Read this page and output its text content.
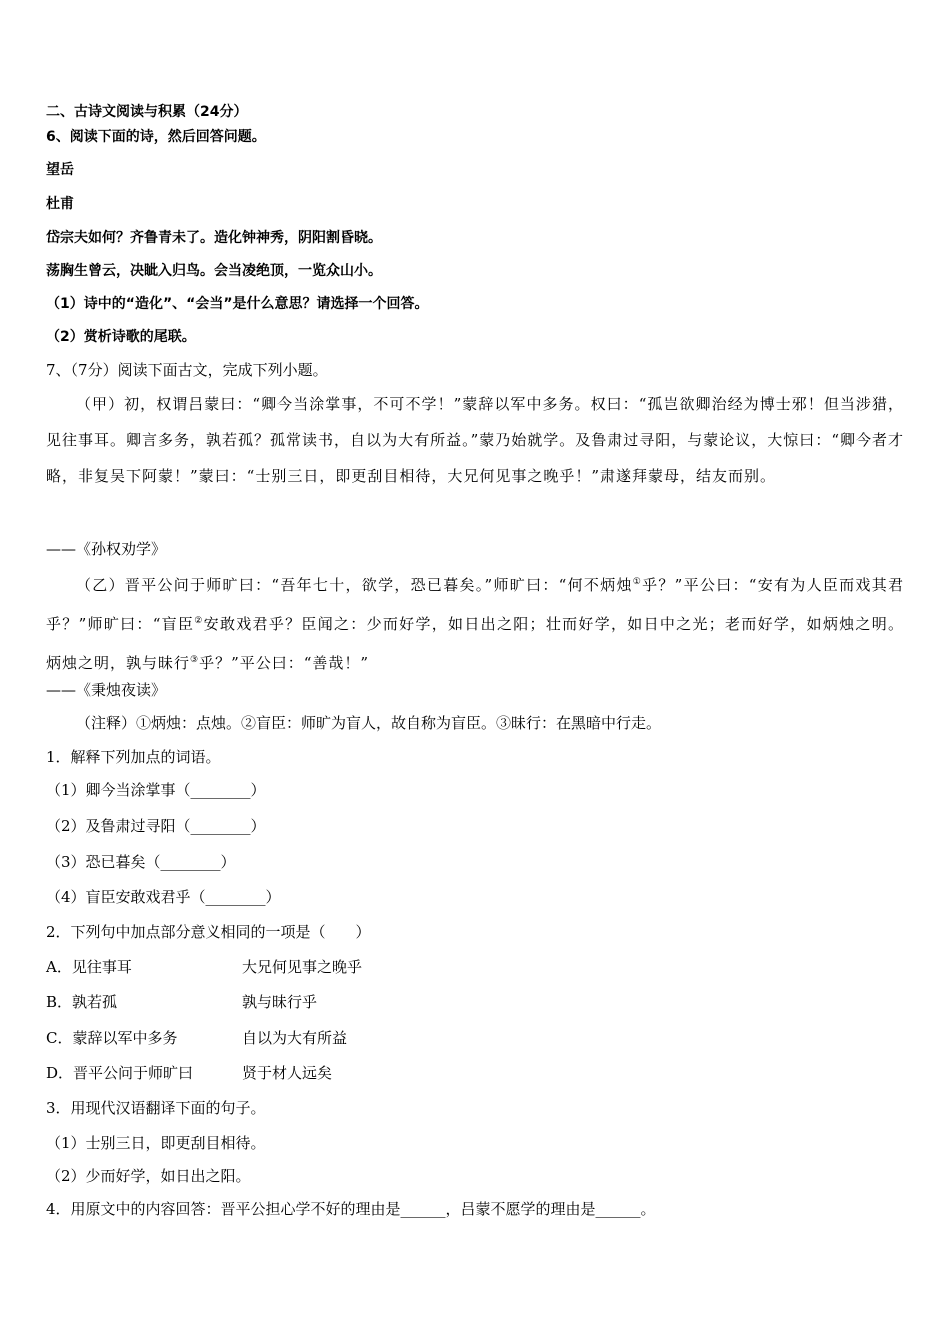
二、古诗文阅读与积累（24分）
6、阅读下面的诗，然后回答问题。
望岳
杜甫
岱宗夫如何？齐鲁青未了。造化钟神秀，阴阳割昏晓。
荡胸生曾云，决眦入归鸟。会当凌绝顶，一览众山小。
（1）诗中的“造化”、“会当”是什么意思？请选择一个回答。
（2）赏析诗歌的尾联。
7、（7分）阅读下面古文，完成下列小题。
（甲）初，权谓吕蒙曰：“卿今当涂掌事，不可不学！”蒙辞以军中多务。权曰：“孤岂欲卿治经为博士邪！但当涉猎，见往事耳。卿言多务，孰若孤？孤常读书，自以为大有所益。”蒙乃始就学。及鲁肃过寻阳，与蒙论议，大惊曰：“卿今者才略，非复吴下阿蒙！”蒙曰：“士别三日，即更刮目相待，大兄何见事之晚乎！”肃遂拜蒙母，结友而别。
——《孙权劝学》
（乙）晋平公问于师旷曰：“吾年七十，欲学，恐已暮矣。”师旷曰：“何不炳烛①乎？”平公曰：“安有为人臣而戏其君乎？”师旷曰：“盲臣②安敢戏君乎？臣闻之：少而好学，如日出之阳；壮而好学，如日中之光；老而好学，如炳烛之明。炳烛之明，孰与昧行③乎？”平公曰：“善哉！”
——《秉烛夜读》
（注释）①炳烛：点烛。②盲臣：师旷为盲人，故自称为盲臣。③昧行：在黑暗中行走。
1．解释下列加点的词语。
（1）卿今当涂掌事（________）
（2）及鲁肃过寻阳（________）
（3）恐已暮矣（________）
（4）盲臣安敢戏君乎（________）
2．下列句中加点部分意义相同的一项是（　　）
A．见往事耳	大兄何见事之晚乎
B．孰若孤	孰与昧行乎
C．蒙辞以军中多务	自以为大有所益
D．晋平公问于师旷曰	贤于材人远矣
3．用现代汉语翻译下面的句子。
（1）士别三日，即更刮目相待。
（2）少而好学，如日出之阳。
4．用原文中的内容回答：晋平公担心学不好的理由是______，吕蒙不愿学的理由是______。
